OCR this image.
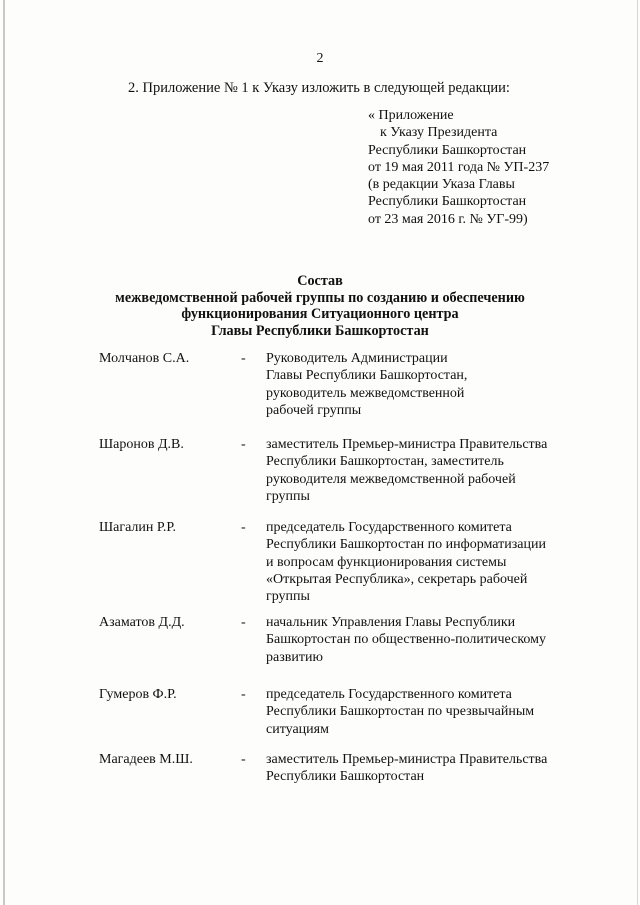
2
2. Приложение № 1 к Указу изложить в следующей редакции:
« Приложение
к Указу Президента
Республики Башкортостан
от 19 мая 2011 года № УП-237
(в редакции Указа Главы
Республики Башкортостан
от 23 мая 2016 г. № УГ-99)
Состав
межведомственной рабочей группы по созданию и обеспечению
функционирования Ситуационного центра
Главы Республики Башкортостан
Молчанов С.А.	- Руководитель Администрации
Главы Республики Башкортостан,
руководитель межведомственной
рабочей группы
Шаронов Д.В.	- заместитель Премьер-министра Правительства
Республики Башкортостан, заместитель
руководителя межведомственной рабочей
группы
Шагалин Р.Р.	- председатель Государственного комитета
Республики Башкортостан по информатизации
и вопросам функционирования системы
«Открытая Республика», секретарь рабочей
группы
Азаматов Д.Д.	- начальник Управления Главы Республики
Башкортостан по общественно-политическому
развитию
Гумеров Ф.Р.	- председатель Государственного комитета
Республики Башкортостан по чрезвычайным
ситуациям
Магадеев М.Ш.	- заместитель Премьер-министра Правительства
Республики Башкортостан
